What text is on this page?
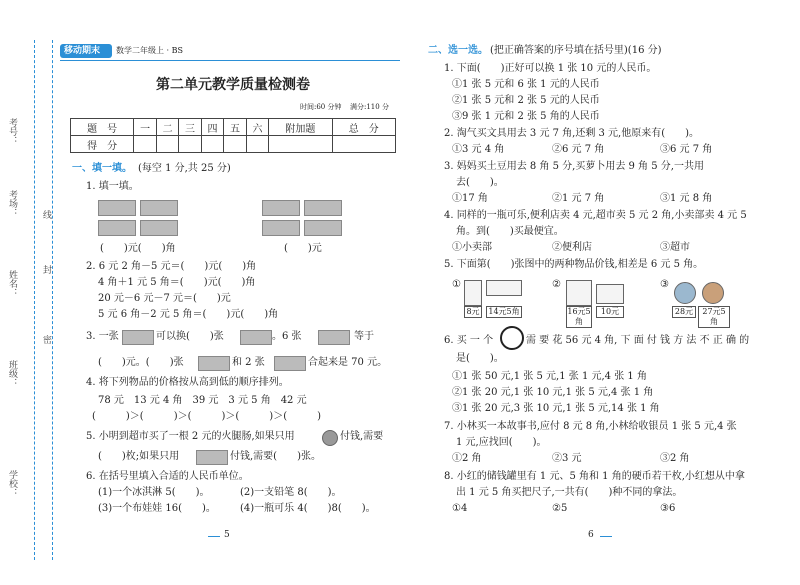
考号：
考场：
姓名：
班级：
学校：
线
封
密
移动期末 数学二年级上 · BS
第二单元教学质量检测卷
时间:60 分钟 满分:110 分
题　号	一	二	三	四	五	六	附加题	总　分
得　分								
一、填一填。 (每空 1 分,共 25 分)
1. 填一填。
(　　)元(　　)角	(　　)元
2. 6 元 2 角－5 元＝(　　)元(　　)角
4 角＋1 元 5 角＝(　　)元(　　)角
20 元－6 元－7 元＝(　　)元
5 元 6 角－2 元 5 角＝(　　)元(　　)角
3. 一张	可以换(　　)张	。6 张	等于
(　　)元。(　　)张	和 2 张	合起来是 70 元。
4. 将下列物品的价格按从高到低的顺序排列。
78 元　13 元 4 角　39 元　3 元 5 角　42 元
(　　　)＞(　　　)＞(　　　)＞(　　　)＞(　　　)
5. 小明到超市买了一根 2 元的火腿肠,如果只用	付钱,需要
(　　)枚;如果只用	付钱,需要(　　)张。
6. 在括号里填入合适的人民币单位。
(1)一个冰淇淋 5(　　)。	(2)一支铅笔 8(　　)。
(3)一个布娃娃 16(　　)。 (4)一瓶可乐 4(　　)8(　　)。
5
二、选一选。 (把正确答案的序号填在括号里)(16 分)
1. 下面(　　)正好可以换 1 张 10 元的人民币。
①1 张 5 元和 6 张 1 元的人民币
②1 张 5 元和 2 张 5 元的人民币
③9 张 1 元和 2 张 5 角的人民币
2. 淘气买文具用去 3 元 7 角,还剩 3 元,他原来有(　　)。
①3 元 4 角	②6 元 7 角	③6 元 7 角
3. 妈妈买土豆用去 8 角 5 分,买萝卜用去 9 角 5 分,一共用
去(　　)。
①17 角	②1 元 7 角	③1 元 8 角
4. 同样的一瓶可乐,便利店卖 4 元,超市卖 5 元 2 角,小卖部卖 4 元 5
角。到(　　)买最便宜。
①小卖部	②便利店	③超市
5. 下面第(　　)张图中的两种物品价钱,相差是 6 元 5 角。
①
8元	14元5角
②
16元5角
10元
③
28元	27元5角
6. 买 一 个	需 要 花 56 元 4 角, 下 面 付 钱 方 法 不 正 确 的
是(　　)。
①1 张 50 元,1 张 5 元,1 张 1 元,4 张 1 角
②1 张 20 元,1 张 10 元,1 张 5 元,4 张 1 角
③1 张 20 元,3 张 10 元,1 张 5 元,14 张 1 角
7. 小林买一本故事书,应付 8 元 8 角,小林给收银员 1 张 5 元,4 张
1 元,应找回(　　)。
①2 角	②3 元	③2 角
8. 小红的储钱罐里有 1 元、5 角和 1 角的硬币若干枚,小红想从中拿
出 1 元 5 角买把尺子,一共有(　　)种不同的拿法。
①4	②5	③6
6
